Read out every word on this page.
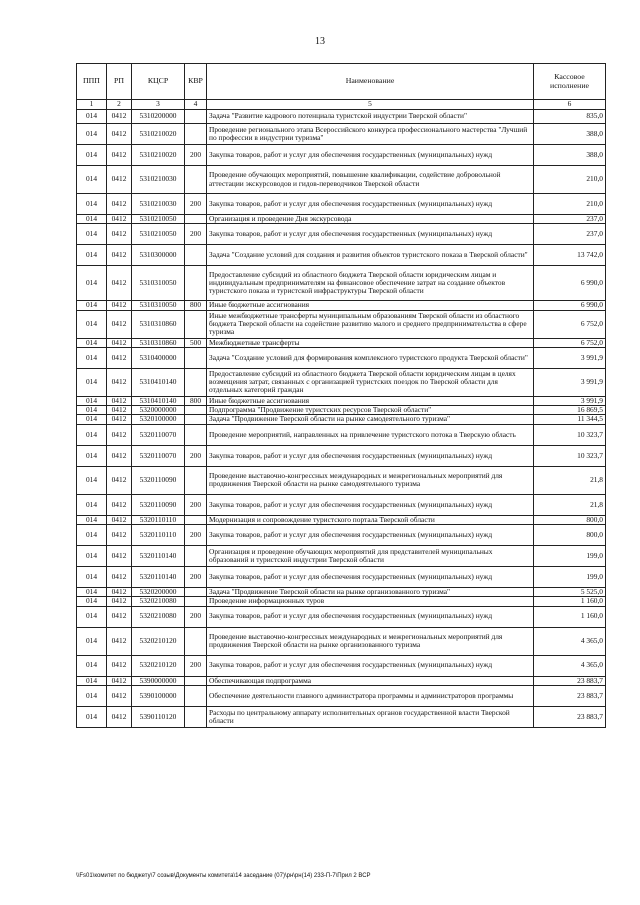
13
ППП	РП	КЦСР	КВР	Наименование	Кассовое исполнение
1	2	3	4	5	6
014	0412	5310200000		Задача "Развитие кадрового потенциала туристской индустрии Тверской области"	835,0
014	0412	5310210020		Проведение регионального этапа Всероссийского конкурса профессионального мастерства "Лучший по профессии в индустрии туризма"	388,0
014	0412	5310210020	200	Закупка товаров, работ и услуг для обеспечения государственных (муниципальных) нужд	388,0
014	0412	5310210030		Проведение обучающих мероприятий, повышение квалификации, содействие добровольной аттестации экскурсоводов и гидов-переводчиков Тверской области	210,0
014	0412	5310210030	200	Закупка товаров, работ и услуг для обеспечения государственных (муниципальных) нужд	210,0
014	0412	5310210050		Организация и проведение Дня экскурсовода	237,0
014	0412	5310210050	200	Закупка товаров, работ и услуг для обеспечения государственных (муниципальных) нужд	237,0
014	0412	5310300000		Задача "Создание условий для создания и развития объектов туристского показа в Тверской области"	13 742,0
014	0412	5310310050		Предоставление субсидий из областного бюджета Тверской области юридическим лицам и индивидуальным предпринимателям на финансовое обеспечение затрат на создание объектов туристского показа и туристской инфраструктуры Тверской области	6 990,0
014	0412	5310310050	800	Иные бюджетные ассигнования	6 990,0
014	0412	5310310860		Иные межбюджетные трансферты муниципальным образованиям Тверской области из областного бюджета Тверской области на содействие развитию малого и среднего предпринимательства в сфере туризма	6 752,0
014	0412	5310310860	500	Межбюджетные трансферты	6 752,0
014	0412	5310400000		Задача "Создание условий для формирования комплексного туристского продукта Тверской области"	3 991,9
014	0412	5310410140		Предоставление субсидий из областного бюджета Тверской области юридическим лицам в целях возмещения затрат, связанных с организацией туристских поездок по Тверской области для отдельных категорий граждан	3 991,9
014	0412	5310410140	800	Иные бюджетные ассигнования	3 991,9
014	0412	5320000000		Подпрограмма "Продвижение туристских ресурсов Тверской области"	16 869,5
014	0412	5320100000		Задача "Продвижение Тверской области на рынке самодеятельного туризма"	11 344,5
014	0412	5320110070		Проведение мероприятий, направленных на привлечение туристского потока в Тверскую область	10 323,7
014	0412	5320110070	200	Закупка товаров, работ и услуг для обеспечения государственных (муниципальных) нужд	10 323,7
014	0412	5320110090		Проведение выставочно-конгрессных международных и межрегиональных мероприятий для продвижения Тверской области на рынке самодеятельного туризма	21,8
014	0412	5320110090	200	Закупка товаров, работ и услуг для обеспечения государственных (муниципальных) нужд	21,8
014	0412	5320110110		Модернизация и сопровождение туристского портала Тверской области	800,0
014	0412	5320110110	200	Закупка товаров, работ и услуг для обеспечения государственных (муниципальных) нужд	800,0
014	0412	5320110140		Организация и проведение обучающих мероприятий для представителей муниципальных образований и туристской индустрии Тверской области	199,0
014	0412	5320110140	200	Закупка товаров, работ и услуг для обеспечения государственных (муниципальных) нужд	199,0
014	0412	5320200000		Задача "Продвижение Тверской области на рынке организованного туризма"	5 525,0
014	0412	5320210080		Проведение информационных туров	1 160,0
014	0412	5320210080	200	Закупка товаров, работ и услуг для обеспечения государственных (муниципальных) нужд	1 160,0
014	0412	5320210120		Проведение выставочно-конгрессных международных и межрегиональных мероприятий для продвижения Тверской области на рынке организованного туризма	4 365,0
014	0412	5320210120	200	Закупка товаров, работ и услуг для обеспечения государственных (муниципальных) нужд	4 365,0
014	0412	5390000000		Обеспечивающая подпрограмма	23 883,7
014	0412	5390100000		Обеспечение деятельности главного администратора программы и администраторов программы	23 883,7
014	0412	5390110120		Расходы по центральному аппарату исполнительных органов государственной власти Тверской области	23 883,7
\\Fs01\комитет по бюджету\7 созыв\Документы комитета\14 заседание (07)\рн\рн(14) 233-П-7\Прил 2 ВСР
